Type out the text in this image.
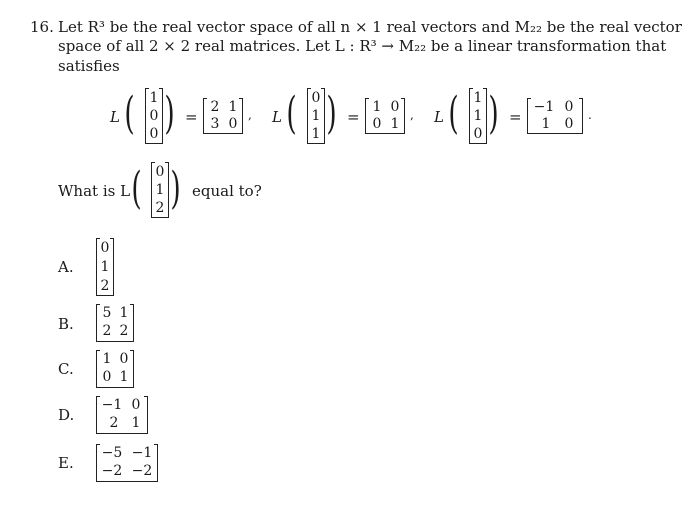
16. Let R³ be the real vector space of all n × 1 real vectors and M₂₂ be the real vector
space of all 2 × 2 real matrices. Let L : R³ → M₂₂ be a linear transformation that
satisfies
L ( 1
0
0 ) =
2 1
3 0
, L ( 0
1
1 ) =
1 0
0 1
, L ( 1
1
0 ) =
−1 0
1	0
.
What is L ( 0
1
2 ) equal to?
A.
0
1
2
B.
5 1
2 2
C.
1 0
0 1
D.
−1 0
2 1
E.
−5 −1
−2 −2
